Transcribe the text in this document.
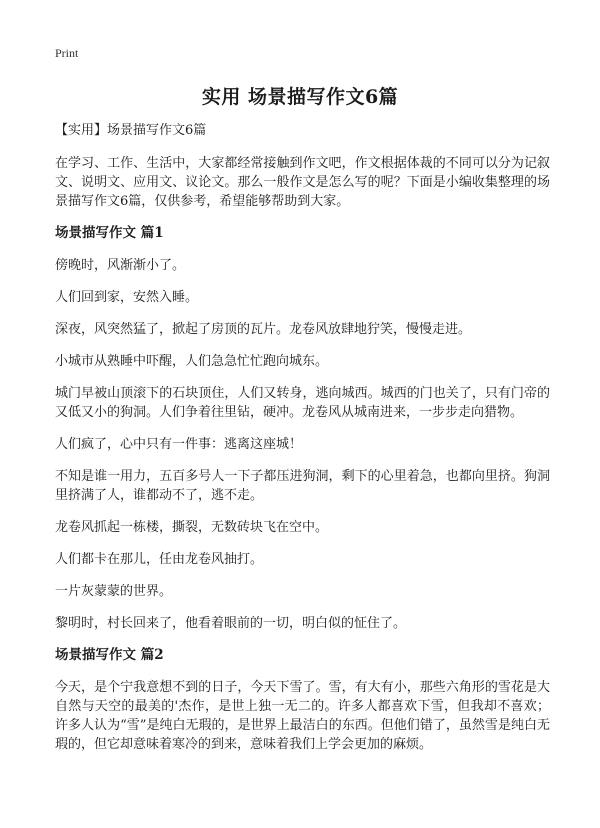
Print
实用 场景描写作文6篇

【实用】场景描写作文6篇

在学习、工作、生活中，大家都经常接触到作文吧，作文根据体裁的不同可以分为记叙文、说明文、应用文、议论文。那么一般作文是怎么写的呢？下面是小编收集整理的场景描写作文6篇，仅供参考，希望能够帮助到大家。

场景描写作文 篇1

傍晚时，风渐渐小了。

人们回到家，安然入睡。

深夜，风突然猛了，掀起了房顶的瓦片。龙卷风放肆地狞笑，慢慢走进。

小城市从熟睡中吓醒，人们急急忙忙跑向城东。

城门早被山顶滚下的石块顶住，人们又转身，逃向城西。城西的门也关了，只有门帝的又低又小的狗洞。人们争着往里钻，硬冲。龙卷风从城南进来，一步步走向猎物。

人们疯了，心中只有一件事：逃离这座城！

不知是谁一用力，五百多号人一下子都压进狗洞，剩下的心里着急，也都向里挤。狗洞里挤满了人，谁都动不了，逃不走。

龙卷风抓起一栋楼，撕裂，无数砖块飞在空中。

人们都卡在那儿，任由龙卷风抽打。

一片灰蒙蒙的世界。

黎明时，村长回来了，他看着眼前的一切，明白似的怔住了。

场景描写作文 篇2

今天，是个宁我意想不到的日子，今天下雪了。雪，有大有小，那些六角形的雪花是大自然与天空的最美的'杰作，是世上独一无二的。许多人都喜欢下雪，但我却不喜欢；许多人认为“雪”是纯白无瑕的，是世界上最洁白的东西。但他们错了，虽然雪是纯白无瑕的，但它却意味着寒冷的到来，意味着我们上学会更加的麻烦。
